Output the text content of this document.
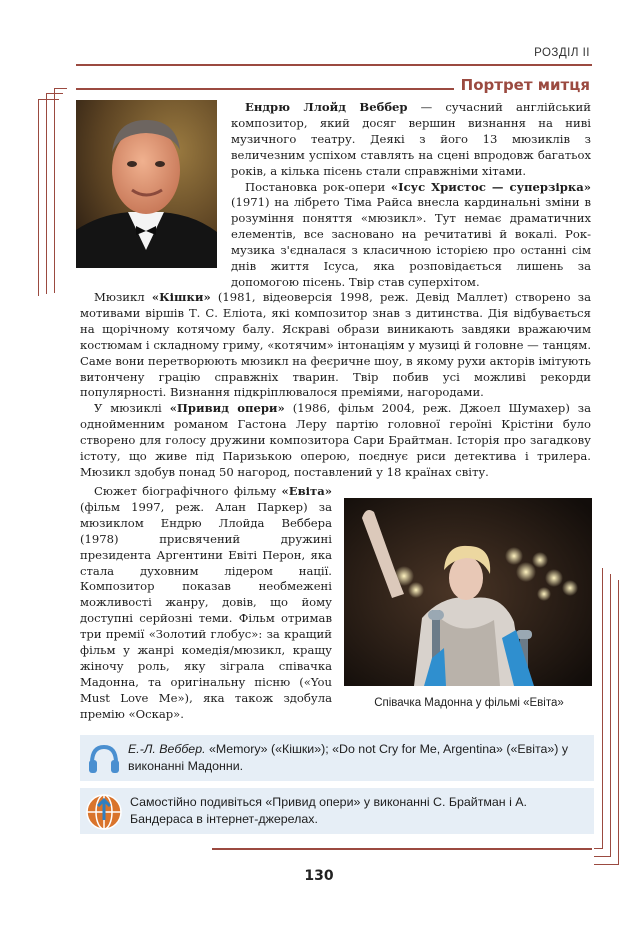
РОЗДІЛ ІІ
Портрет митця

Ендрю Ллойд Веббер — сучасний англійський композитор, який досяг вершин визнання на ниві музичного театру. Деякі з його 13 мюзиклів з величезним успіхом ставлять на сцені впродовж багатьох років, а кілька пісень стали справжніми хітами.

Постановка рок-опери «Ісус Христос — суперзірка» (1971) на лібрето Тіма Райса внесла кардинальні зміни в розуміння поняття «мюзикл». Тут немає драматичних елементів, все засновано на речитативі й вокалі. Рок-музика з'єдналася з класичною історією про останні сім днів життя Ісуса, яка розповідається лишень за допомогою пісень. Твір став суперхітом.

Мюзикл «Кішки» (1981, відеоверсія 1998, реж. Девід Маллет) створено за мотивами віршів Т. С. Еліота, які композитор знав з дитинства. Дія відбувається на щорічному котячому балу. Яскраві образи виникають завдяки вражаючим костюмам і складному гриму, «котячим» інтонаціям у музиці й головне — танцям. Саме вони перетворюють мюзикл на феєричне шоу, в якому рухи акторів імітують витончену грацію справжніх тварин. Твір побив усі можливі рекорди популярності. Визнання підкріплювалося преміями, нагородами.

У мюзиклі «Привид опери» (1986, фільм 2004, реж. Джоел Шумахер) за однойменним романом Гастона Леру партію головної героїні Крістіни було створено для голосу дружини композитора Сари Брайтман. Історія про загадкову істоту, що живе під Паризькою оперою, поєднує риси детектива і трилера. Мюзикл здобув понад 50 нагород, поставлений у 18 країнах світу.

Сюжет біографічного фільму «Евіта» (фільм 1997, реж. Алан Паркер) за мюзиклом Ендрю Ллойда Веббера (1978) присвячений дружині президента Аргентини Евіті Перон, яка стала духовним лідером нації. Композитор показав необмежені можливості жанру, довів, що йому доступні серйозні теми. Фільм отримав три премії «Золотий глобус»: за кращий фільм у жанрі комедія/мюзикл, кращу жіночу роль, яку зіграла співачка Мадонна, та оригінальну пісню («You Must Love Me»), яка також здобула премію «Оскар».

Співачка Мадонна у фільмі «Евіта»
Е.-Л. Веббер. «Memory» («Кішки»); «Do not Cry for Me, Argentina» («Евіта») у виконанні Мадонни.
Самостійно подивіться «Привид опери» у виконанні С. Брайтман і А. Бандераса в інтернет-джерелах.
130
